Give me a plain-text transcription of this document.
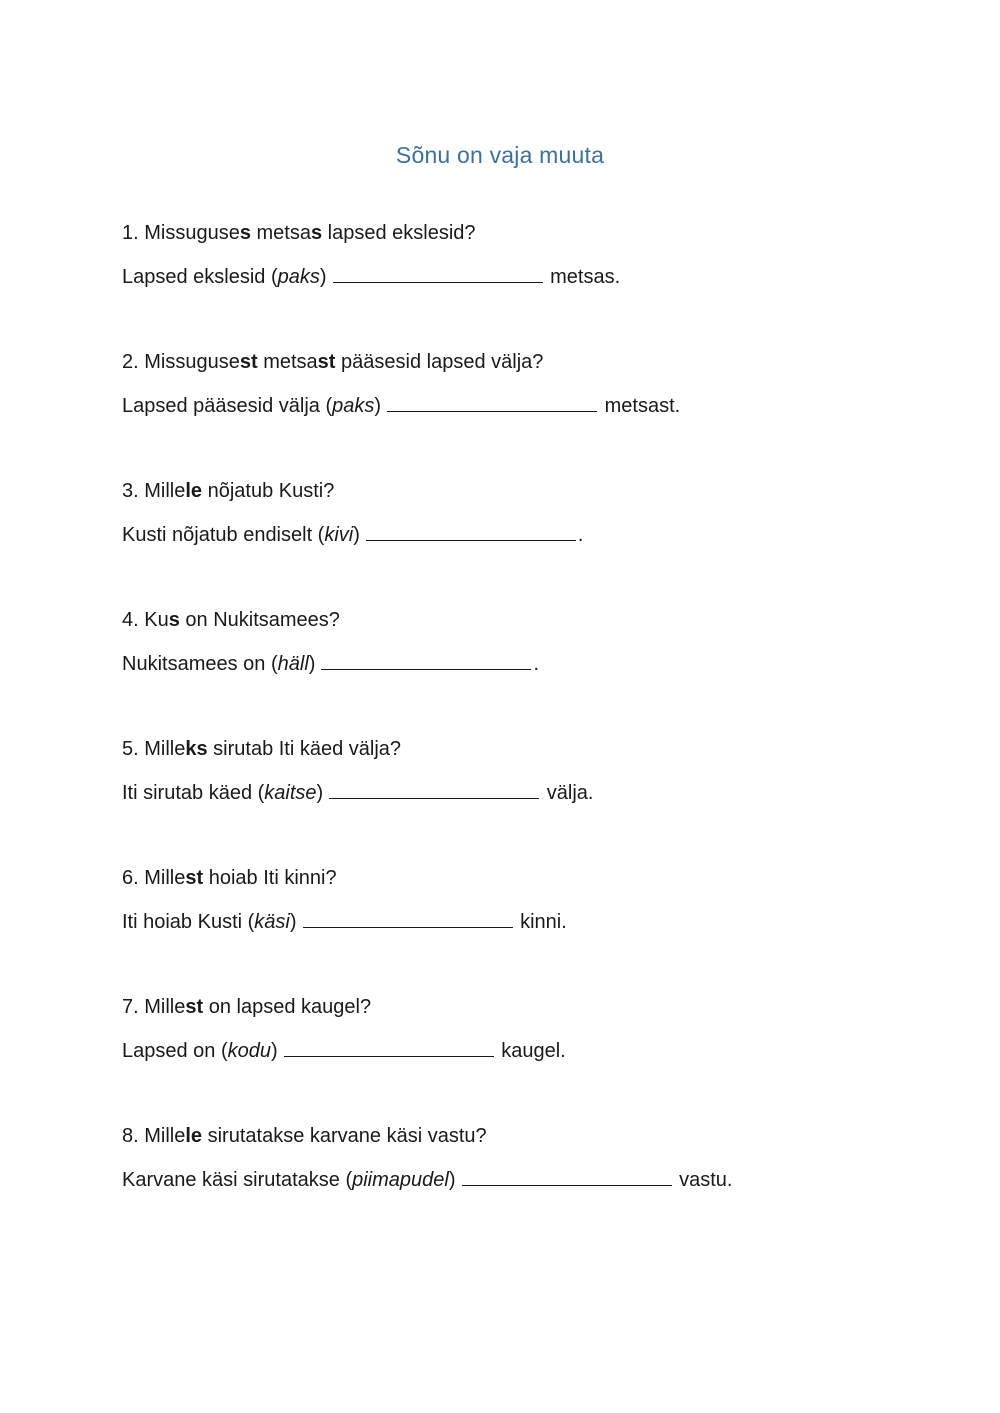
Sõnu on vaja muuta

1. Missuguses metsas lapsed ekslesid?

Lapsed ekslesid (paks)	metsas.

2. Missugusest metsast pääsesid lapsed välja?

Lapsed pääsesid välja (paks)	metsast.

3. Millele nõjatub Kusti?

Kusti nõjatub endiselt (kivi)	.

4. Kus on Nukitsamees?

Nukitsamees on (häll)	.

5. Milleks sirutab Iti käed välja?

Iti sirutab käed (kaitse)	välja.

6. Millest hoiab Iti kinni?

Iti hoiab Kusti (käsi)	kinni.

7. Millest on lapsed kaugel?

Lapsed on (kodu)	kaugel.

8. Millele sirutatakse karvane käsi vastu?

Karvane käsi sirutatakse (piimapudel)	vastu.
